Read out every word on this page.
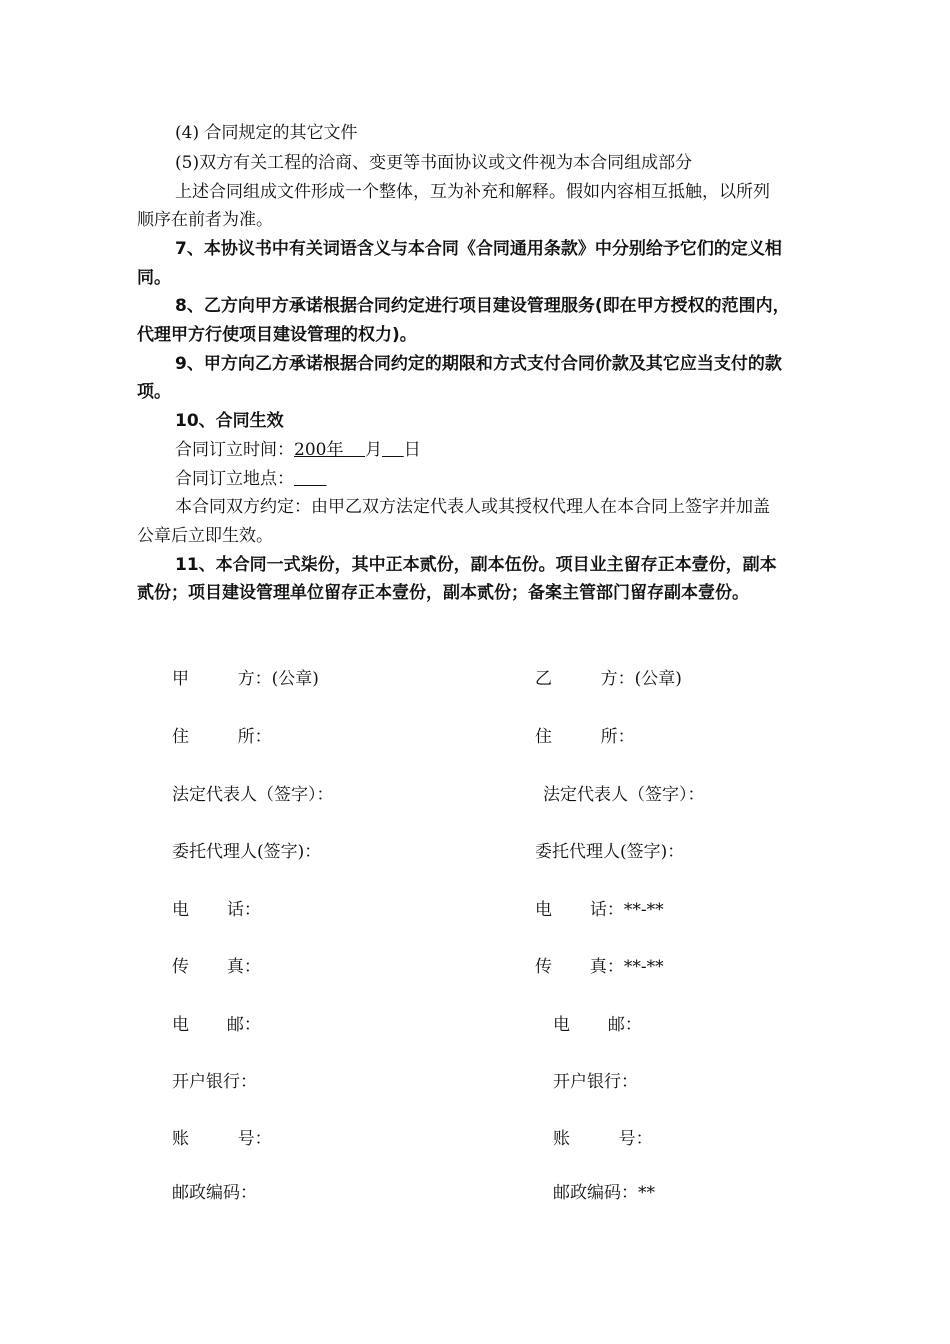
(4) 合同规定的其它文件
(5)双方有关工程的洽商、变更等书面协议或文件视为本合同组成部分
上述合同组成文件形成一个整体，互为补充和解释。假如内容相互抵触，以所列
顺序在前者为准。
7、本协议书中有关词语含义与本合同《合同通用条款》中分别给予它们的定义相
同。
8、乙方向甲方承诺根据合同约定进行项目建设管理服务(即在甲方授权的范围内，
代理甲方行使项目建设管理的权力)。
9、甲方向乙方承诺根据合同约定的期限和方式支付合同价款及其它应当支付的款
项。
10、合同生效
合同订立时间：200年 月 日
合同订立地点：
本合同双方约定：由甲乙双方法定代表人或其授权代理人在本合同上签字并加盖
公章后立即生效。
11、本合同一式柒份，其中正本贰份，副本伍份。项目业主留存正本壹份，副本
贰份；项目建设管理单位留存正本壹份，副本贰份；备案主管部门留存副本壹份。
甲         方：(公章)
住         所：
法定代表人（签字）：
委托代理人(签字)：
电       话：
传       真：
电       邮：
开户银行：
账         号：
邮政编码：
乙         方：(公章)
住         所：
法定代表人（签字）：
委托代理人(签字)：
电       话：**-**
传       真：**-**
电       邮：
开户银行：
账         号：
邮政编码：**
